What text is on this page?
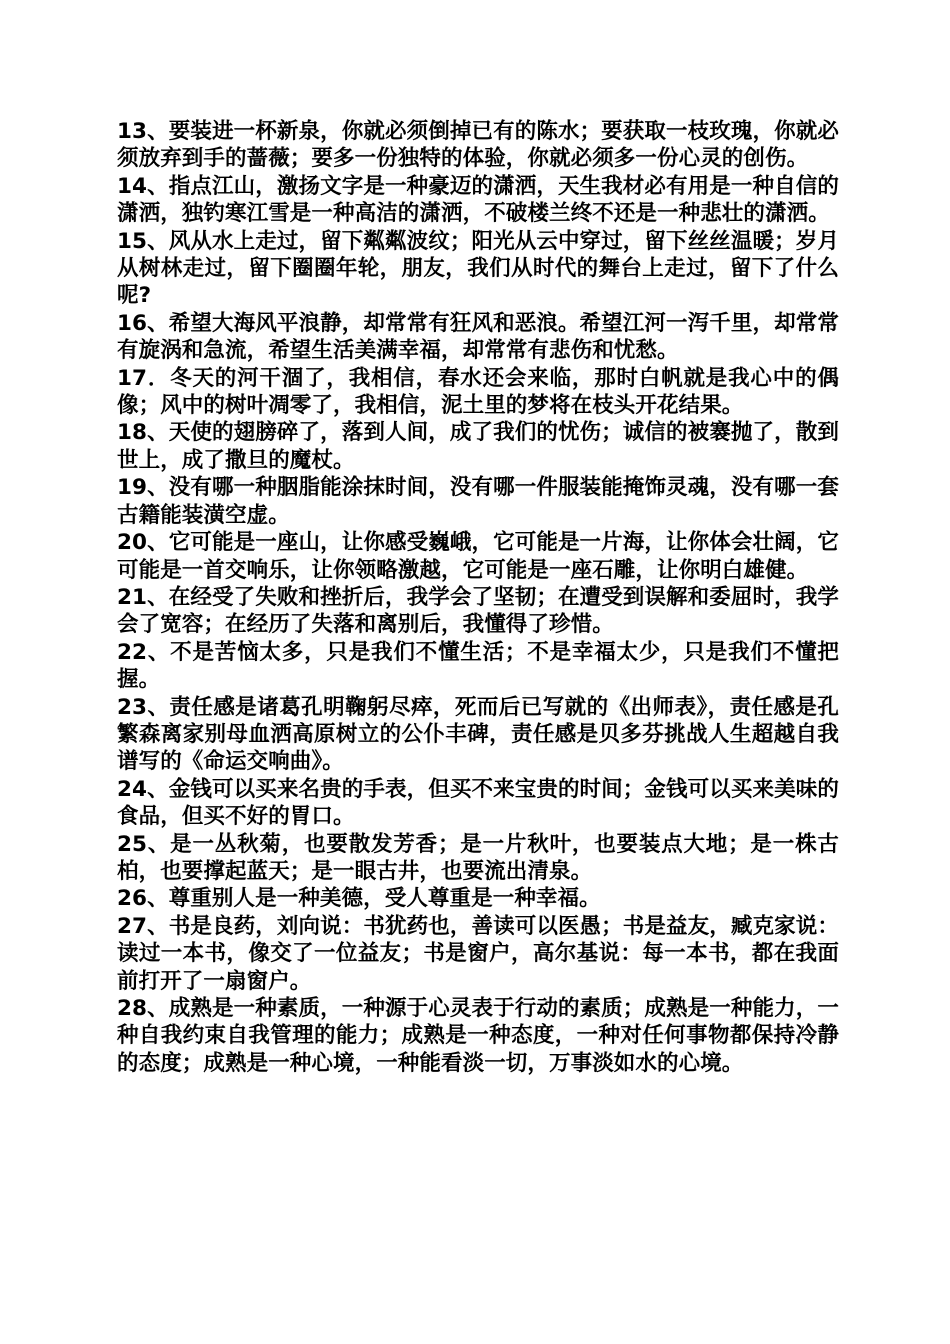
13、要装进一杯新泉，你就必须倒掉已有的陈水；要获取一枝玫瑰，你就必须放弃到手的蔷薇；要多一份独特的体验，你就必须多一份心灵的创伤。

14、指点江山，激扬文字是一种豪迈的潇洒，天生我材必有用是一种自信的潇洒，独钓寒江雪是一种高洁的潇洒，不破楼兰终不还是一种悲壮的潇洒。

15、风从水上走过，留下粼粼波纹；阳光从云中穿过，留下丝丝温暖；岁月从树林走过，留下圈圈年轮，朋友，我们从时代的舞台上走过，留下了什么呢?

16、希望大海风平浪静，却常常有狂风和恶浪。希望江河一泻千里，却常常有旋涡和急流，希望生活美满幸福，却常常有悲伤和忧愁。

17．冬天的河干涸了，我相信，春水还会来临，那时白帆就是我心中的偶像；风中的树叶凋零了，我相信，泥土里的梦将在枝头开花结果。

18、天使的翅膀碎了，落到人间，成了我们的忧伤；诚信的被褰抛了，散到世上，成了撒旦的魔杖。

19、没有哪一种胭脂能涂抹时间，没有哪一件服装能掩饰灵魂，没有哪一套古籍能装潢空虚。

20、它可能是一座山，让你感受巍峨，它可能是一片海，让你体会壮阔，它可能是一首交响乐，让你领略激越，它可能是一座石雕，让你明白雄健。

21、在经受了失败和挫折后，我学会了坚韧；在遭受到误解和委屈时，我学会了宽容；在经历了失落和离别后，我懂得了珍惜。

22、不是苦恼太多，只是我们不懂生活；不是幸福太少，只是我们不懂把握。

23、责任感是诸葛孔明鞠躬尽瘁，死而后已写就的《出师表》，责任感是孔繁森离家别母血洒高原树立的公仆丰碑，责任感是贝多芬挑战人生超越自我谱写的《命运交响曲》。

24、金钱可以买来名贵的手表，但买不来宝贵的时间；金钱可以买来美味的食品，但买不好的胃口。

25、是一丛秋菊，也要散发芳香；是一片秋叶，也要装点大地；是一株古柏，也要撑起蓝天；是一眼古井，也要流出清泉。

26、尊重别人是一种美德，受人尊重是一种幸福。

27、书是良药，刘向说：书犹药也，善读可以医愚；书是益友，臧克家说：读过一本书，像交了一位益友；书是窗户，高尔基说：每一本书，都在我面前打开了一扇窗户。

28、成熟是一种素质，一种源于心灵表于行动的素质；成熟是一种能力，一种自我约束自我管理的能力；成熟是一种态度，一种对任何事物都保持冷静的态度；成熟是一种心境，一种能看淡一切，万事淡如水的心境。
